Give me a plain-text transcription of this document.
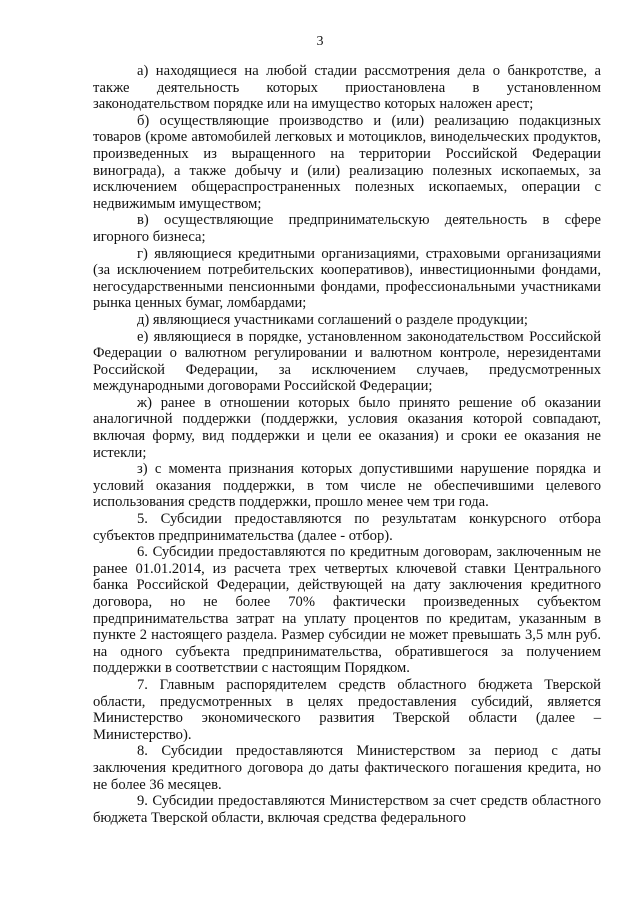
3

а) находящиеся на любой стадии рассмотрения дела о банкротстве, а также деятельность которых приостановлена в установленном законодательством порядке или на имущество которых наложен арест;

б) осуществляющие производство и (или) реализацию подакцизных товаров (кроме автомобилей легковых и мотоциклов, винодельческих продуктов, произведенных из выращенного на территории Российской Федерации винограда), а также добычу и (или) реализацию полезных ископаемых, за исключением общераспространенных полезных ископаемых, операции с недвижимым имуществом;

в) осуществляющие предпринимательскую деятельность в сфере игорного бизнеса;

г) являющиеся кредитными организациями, страховыми организациями (за исключением потребительских кооперативов), инвестиционными фондами, негосударственными пенсионными фондами, профессиональными участниками рынка ценных бумаг, ломбардами;

д) являющиеся участниками соглашений о разделе продукции;

е) являющиеся в порядке, установленном законодательством Российской Федерации о валютном регулировании и валютном контроле, нерезидентами Российской Федерации, за исключением случаев, предусмотренных международными договорами Российской Федерации;

ж) ранее в отношении которых было принято решение об оказании аналогичной поддержки (поддержки, условия оказания которой совпадают, включая форму, вид поддержки и цели ее оказания) и сроки ее оказания не истекли;

з) с момента признания которых допустившими нарушение порядка и условий оказания поддержки, в том числе не обеспечившими целевого использования средств поддержки, прошло менее чем три года.

5. Субсидии предоставляются по результатам конкурсного отбора субъектов предпринимательства (далее - отбор).

6. Субсидии предоставляются по кредитным договорам, заключенным не ранее 01.01.2014, из расчета трех четвертых ключевой ставки Центрального банка Российской Федерации, действующей на дату заключения кредитного договора, но не более 70% фактически произведенных субъектом предпринимательства затрат на уплату процентов по кредитам, указанным в пункте 2 настоящего раздела. Размер субсидии не может превышать 3,5 млн руб. на одного субъекта предпринимательства, обратившегося за получением поддержки в соответствии с настоящим Порядком.

7. Главным распорядителем средств областного бюджета Тверской области, предусмотренных в целях предоставления субсидий, является Министерство экономического развития Тверской области (далее – Министерство).

8. Субсидии предоставляются Министерством за период с даты заключения кредитного договора до даты фактического погашения кредита, но не более 36 месяцев.

9. Субсидии предоставляются Министерством за счет средств областного бюджета Тверской области, включая средства федерального
